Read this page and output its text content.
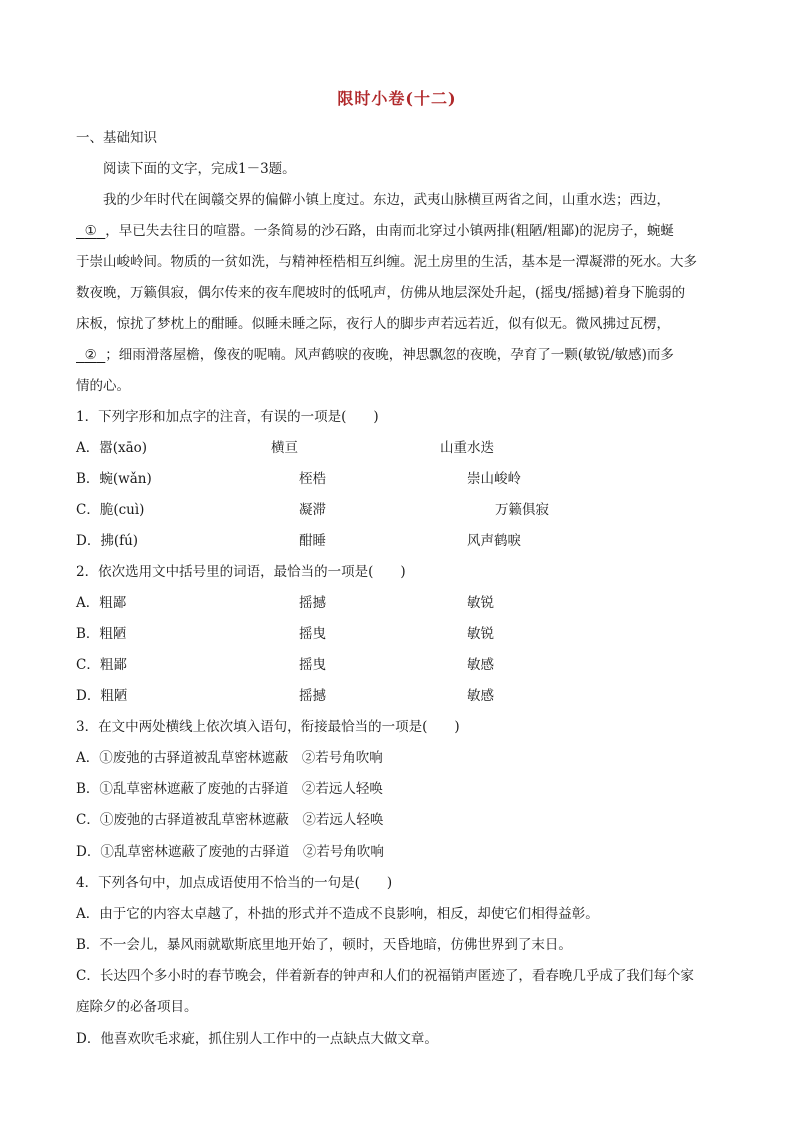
限时小卷(十二)
一、基础知识
阅读下面的文字，完成1－3题。
我的少年时代在闽赣交界的偏僻小镇上度过。东边，武夷山脉横亘两省之间，山重水迭；西边，
① ，早已失去往日的喧嚣。一条简易的沙石路，由南而北穿过小镇两排(粗陋/粗鄙)的泥房子，蜿蜒
于崇山峻岭间。物质的一贫如洗，与精神桎梏相互纠缠。泥土房里的生活，基本是一潭凝滞的死水。大多
数夜晚，万籁俱寂，偶尔传来的夜车爬坡时的低吼声，仿佛从地层深处升起，(摇曳/摇撼)着身下脆弱的
床板，惊扰了梦枕上的酣睡。似睡未睡之际，夜行人的脚步声若远若近，似有似无。微风拂过瓦楞，
② ；细雨滑落屋檐，像夜的呢喃。风声鹤唳的夜晚，神思飘忽的夜晚，孕育了一颗(敏锐/敏感)而多
情的心。
1．下列字形和加点字的注音，有误的一项是(　　)
A．嚣(xāo)	横亘	山重水迭
B．蜿(wǎn)	桎梏	崇山峻岭
C．脆(cuì)	凝滞	万籁俱寂
D．拂(fú)	酣睡	风声鹤唳
2．依次选用文中括号里的词语，最恰当的一项是(　　)
A．粗鄙	摇撼	敏锐
B．粗陋	摇曳	敏锐
C．粗鄙	摇曳	敏感
D．粗陋	摇撼	敏感
3．在文中两处横线上依次填入语句，衔接最恰当的一项是(　　)
A．①废弛的古驿道被乱草密林遮蔽　②若号角吹响
B．①乱草密林遮蔽了废弛的古驿道　②若远人轻唤
C．①废弛的古驿道被乱草密林遮蔽　②若远人轻唤
D．①乱草密林遮蔽了废弛的古驿道　②若号角吹响
4．下列各句中，加点成语使用不恰当的一句是(　　)
A．由于它的内容太卓越了，朴拙的形式并不造成不良影响，相反，却使它们相得益彰。
B．不一会儿，暴风雨就歇斯底里地开始了，顿时，天昏地暗，仿佛世界到了末日。
C．长达四个多小时的春节晚会，伴着新春的钟声和人们的祝福销声匿迹了，看春晚几乎成了我们每个家
庭除夕的必备项目。
D．他喜欢吹毛求疵，抓住别人工作中的一点缺点大做文章。
